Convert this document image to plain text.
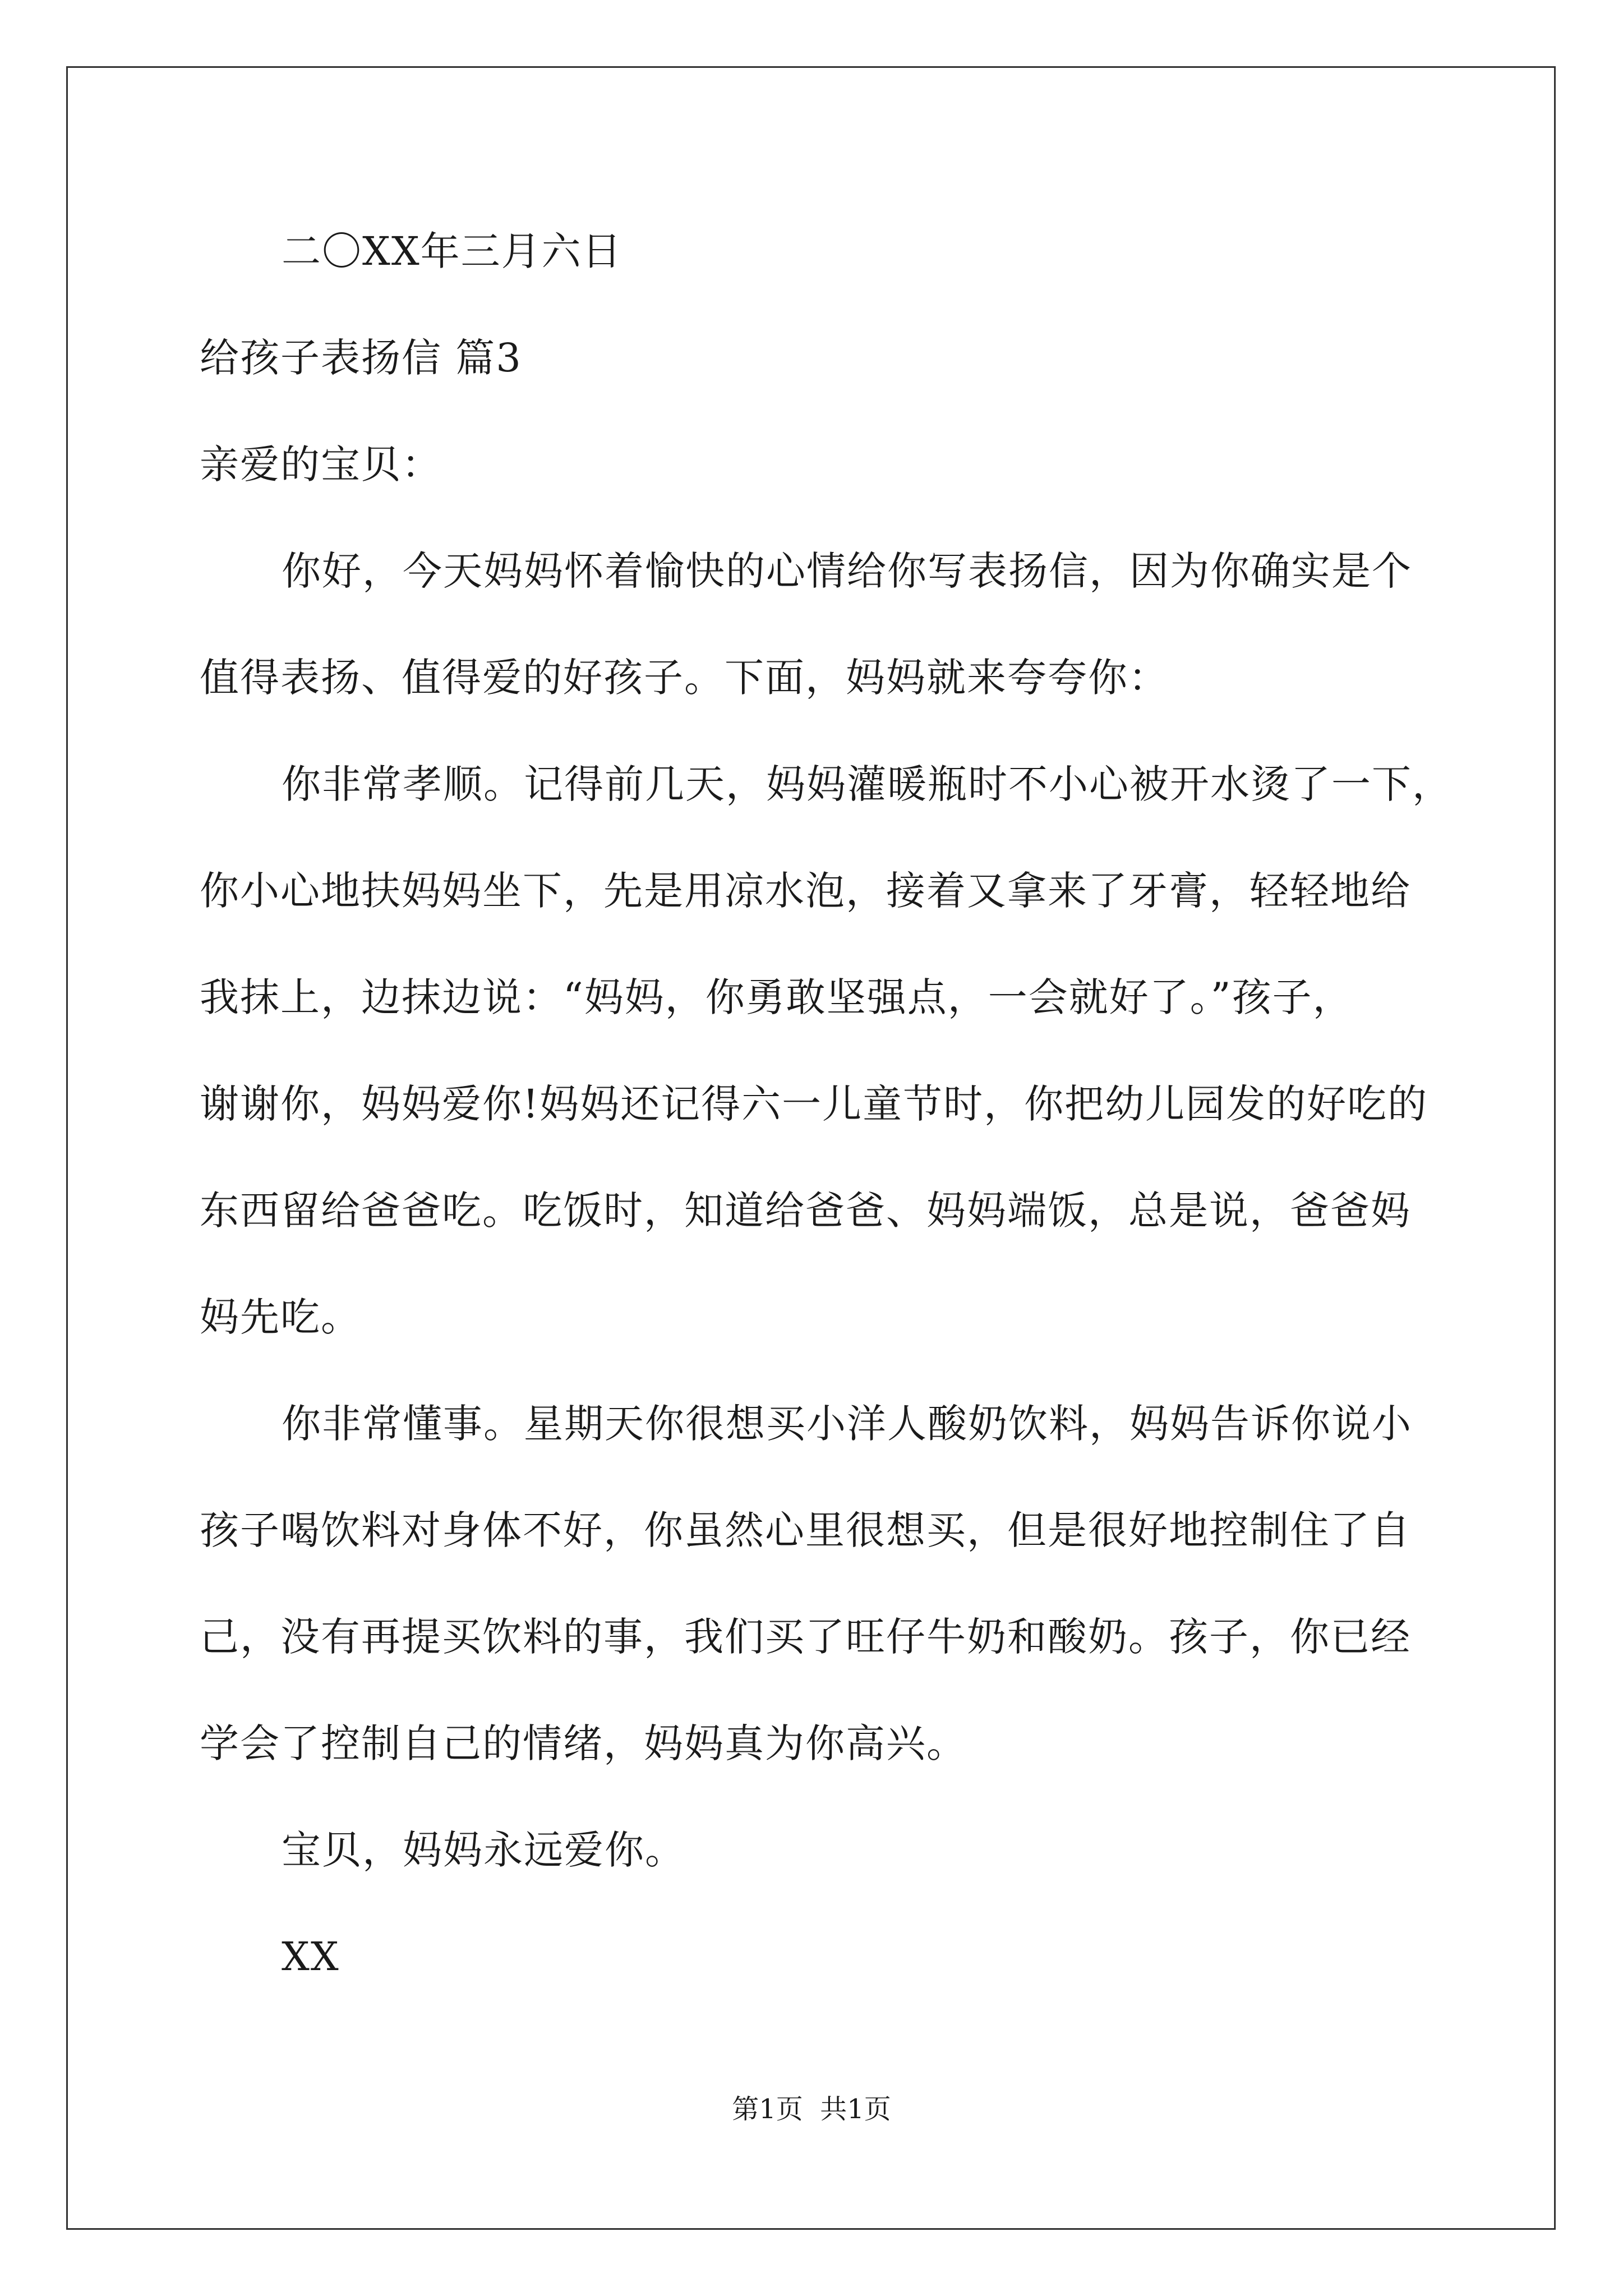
二〇XX年三月六日
给孩子表扬信 篇3
亲爱的宝贝：
你好，今天妈妈怀着愉快的心情给你写表扬信，因为你确实是个
值得表扬、值得爱的好孩子。下面，妈妈就来夸夸你：
你非常孝顺。记得前几天，妈妈灌暖瓶时不小心被开水烫了一下，
你小心地扶妈妈坐下，先是用凉水泡，接着又拿来了牙膏，轻轻地给
我抹上，边抹边说：“妈妈，你勇敢坚强点，一会就好了。”孩子，
谢谢你，妈妈爱你!妈妈还记得六一儿童节时，你把幼儿园发的好吃的
东西留给爸爸吃。吃饭时，知道给爸爸、妈妈端饭，总是说，爸爸妈
妈先吃。
你非常懂事。星期天你很想买小洋人酸奶饮料，妈妈告诉你说小
孩子喝饮料对身体不好，你虽然心里很想买，但是很好地控制住了自
己，没有再提买饮料的事，我们买了旺仔牛奶和酸奶。孩子，你已经
学会了控制自己的情绪，妈妈真为你高兴。
宝贝，妈妈永远爱你。
XX
第1页  共1页
